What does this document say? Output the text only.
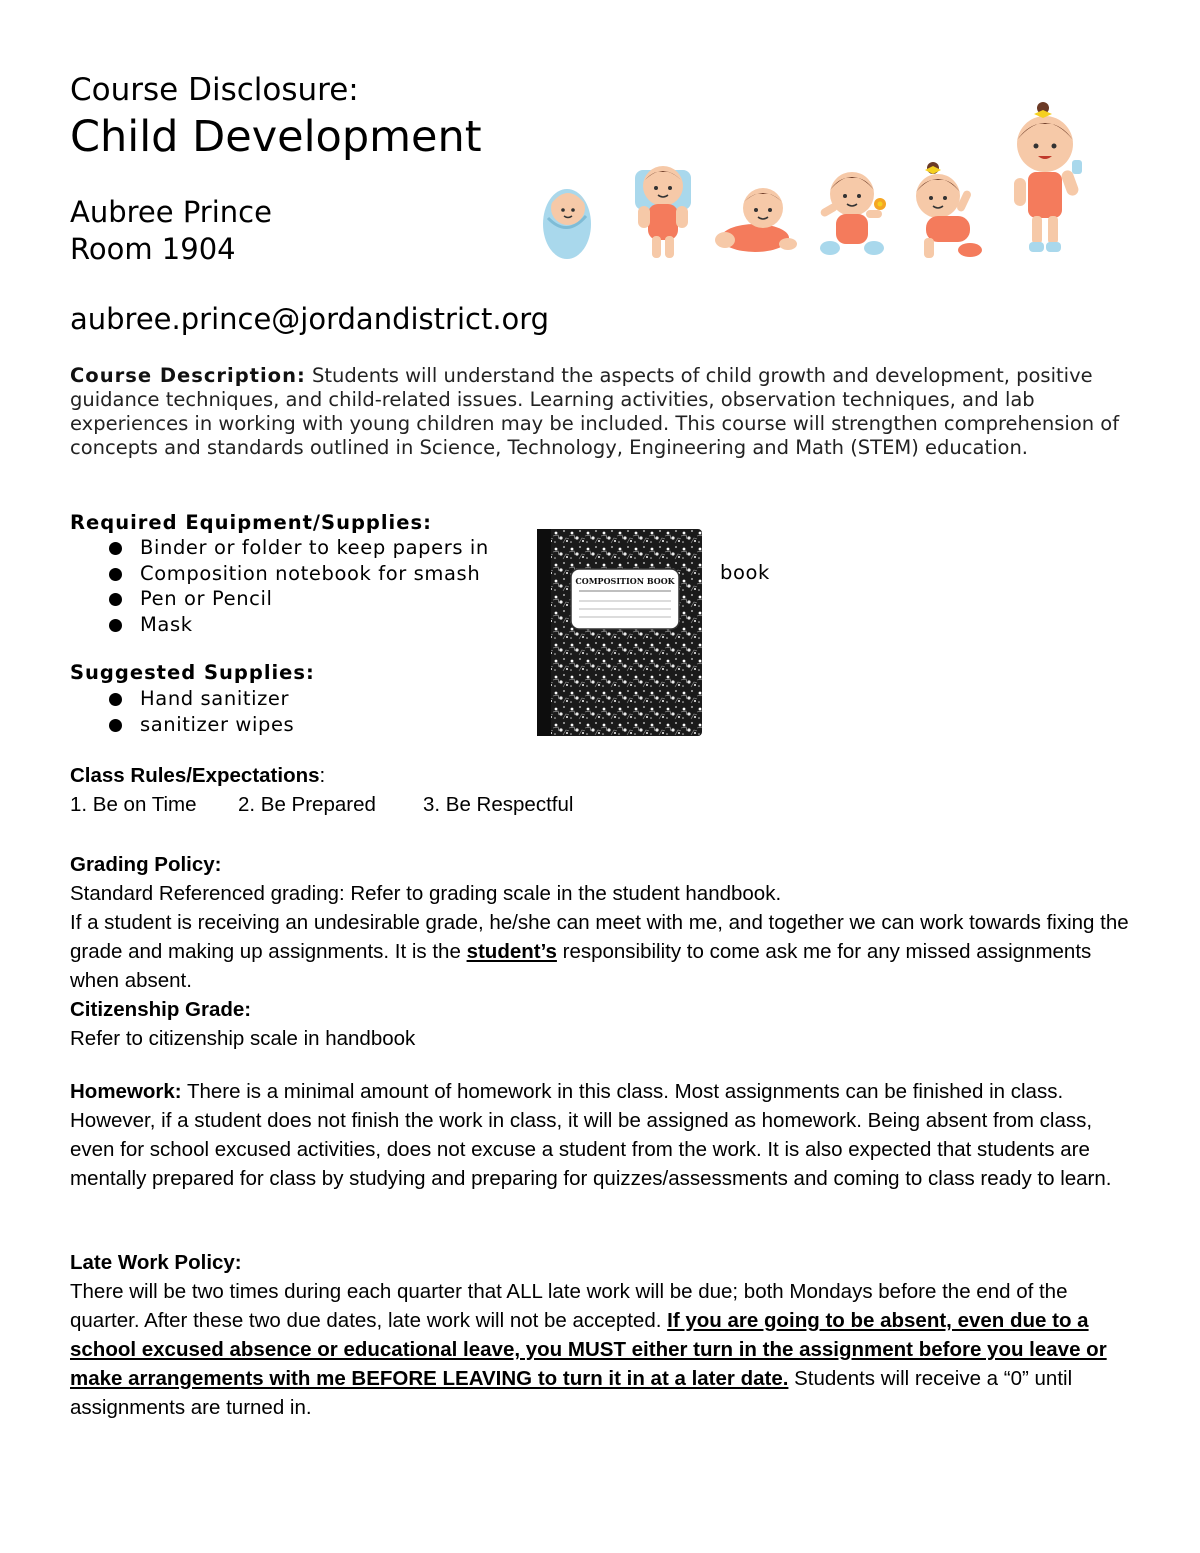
Course Disclosure:
Child Development
Aubree Prince
Room 1904
aubree.prince@jordandistrict.org
Course Description: Students will understand the aspects of child growth and development, positive guidance techniques, and child-related issues. Learning activities, observation techniques, and lab experiences in working with young children may be included. This course will strengthen comprehension of concepts and standards outlined in Science, Technology, Engineering and Math (STEM) education.
Required Equipment/Supplies:
Binder or folder to keep papers in
Composition notebook for smash
Pen or Pencil
Mask
book
Suggested Supplies:
Hand sanitizer
sanitizer wipes
COMPOSITION BOOK
Class Rules/Expectations:
1. Be on Time 2. Be Prepared 3. Be Respectful
Grading Policy:
Standard Referenced grading: Refer to grading scale in the student handbook.
If a student is receiving an undesirable grade, he/she can meet with me, and together we can work towards fixing the grade and making up assignments. It is the student’s responsibility to come ask me for any missed assignments when absent.
Citizenship Grade:
Refer to citizenship scale in handbook
Homework: There is a minimal amount of homework in this class. Most assignments can be finished in class. However, if a student does not finish the work in class, it will be assigned as homework. Being absent from class, even for school excused activities, does not excuse a student from the work. It is also expected that students are mentally prepared for class by studying and preparing for quizzes/assessments and coming to class ready to learn.
Late Work Policy:
There will be two times during each quarter that ALL late work will be due; both Mondays before the end of the quarter. After these two due dates, late work will not be accepted. If you are going to be absent, even due to a school excused absence or educational leave, you MUST either turn in the assignment before you leave or make arrangements with me BEFORE LEAVING to turn it in at a later date. Students will receive a “0” until assignments are turned in.
